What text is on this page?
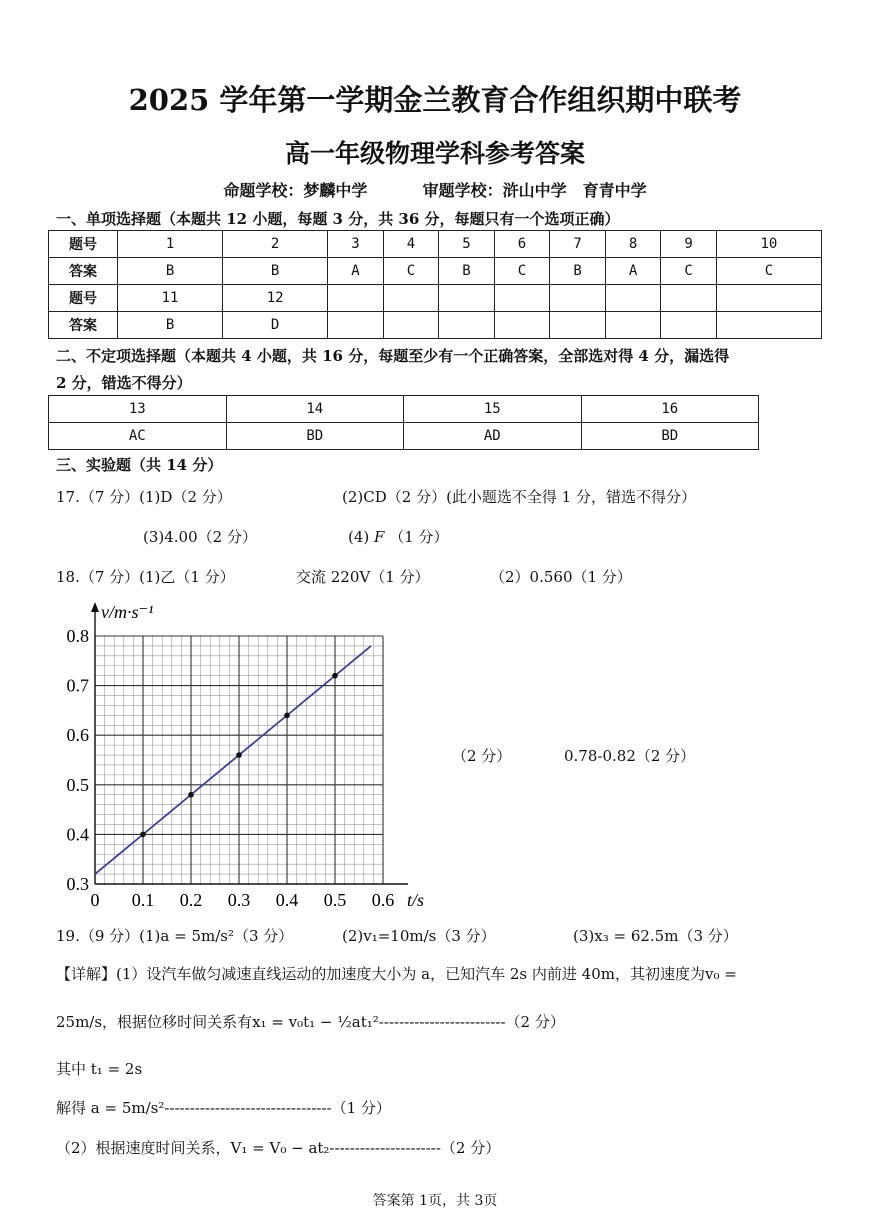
2025 学年第一学期金兰教育合作组织期中联考
高一年级物理学科参考答案
命题学校：梦麟中学	审题学校：浒山中学　育青中学
一、单项选择题（本题共 12 小题，每题 3 分，共 36 分，每题只有一个选项正确）
题号	1	2	3	4	5	6	7	8	9	10
答案	B	B	A	C	B	C	B	A	C	C
题号	11	12								
答案	B	D								
二、不定项选择题（本题共 4 小题，共 16 分，每题至少有一个正确答案，全部选对得 4 分，漏选得
2 分，错选不得分）
13	14	15	16
AC	BD	AD	BD
三、实验题（共 14 分）
17.（7 分）(1)D（2 分）	(2)CD（2 分）(此小题选不全得 1 分，错选不得分）
(3)4.00（2 分）	(4) F （1 分）
18.（7 分）(1)乙（1 分）	交流 220V（1 分）	（2）0.560（1 分）
0 0.1 0.2 0.3 0.4 0.5 0.6
0.3
0.4
0.5
0.6
0.7
0.8
v/m·s⁻¹
t/s
（2 分）	0.78-0.82（2 分）
19.（9 分）(1)a = 5m/s²（3 分）	(2)v₁=10m/s（3 分）	(3)x₃ = 62.5m（3 分）
【详解】(1）设汽车做匀减速直线运动的加速度大小为 a，已知汽车 2s 内前进 40m，其初速度为v₀ =
25m/s，根据位移时间关系有x₁ = v₀t₁ − ½at₁²-------------------------（2 分）
其中 t₁ = 2s
解得 a = 5m/s²---------------------------------（1 分）
（2）根据速度时间关系，V₁ = V₀ − at₂----------------------（2 分）
答案第 1页，共 3页
